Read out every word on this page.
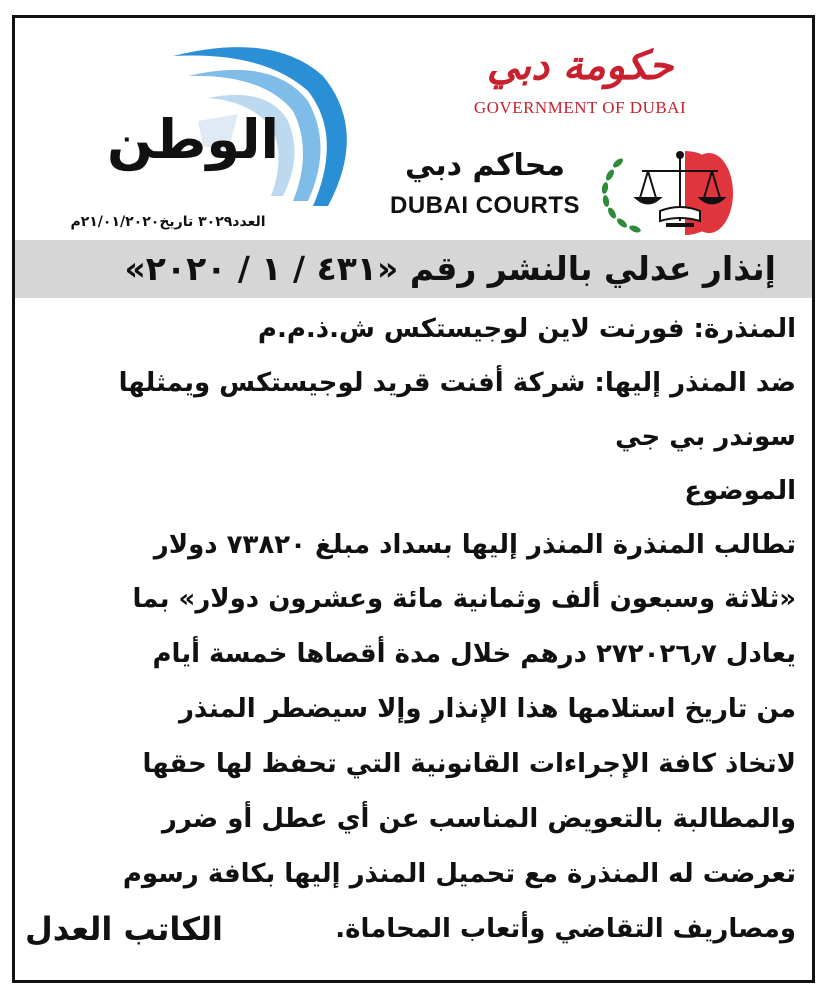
الوطن
العدد٣٠٢٩ تاريخ٢١/٠١/٢٠٢٠م
حكومة دبي
GOVERNMENT OF DUBAI
محاكم دبي
DUBAI COURTS
إنذار عدلي بالنشر رقم «٤٣١ / ١ / ٢٠٢٠»
المنذرة: فورنت لاين لوجيستكس ش.ذ.م.م
ضد المنذر إليها: شركة أفنت قريد لوجيستكس ويمثلها
سوندر بي جي
الموضوع
تطالب المنذرة المنذر إليها بسداد مبلغ ٧٣٨٢٠ دولار
«ثلاثة وسبعون ألف وثمانية مائة وعشرون دولار» بما
يعادل ٢٧٢٠٢٦٫٧ درهم خلال مدة أقصاها خمسة أيام
من تاريخ استلامها هذا الإنذار وإلا سيضطر المنذر
لاتخاذ كافة الإجراءات القانونية التي تحفظ لها حقها
والمطالبة بالتعويض المناسب عن أي عطل أو ضرر
تعرضت له المنذرة مع تحميل المنذر إليها بكافة رسوم
ومصاريف التقاضي وأتعاب المحاماة.
الكاتب العدل
